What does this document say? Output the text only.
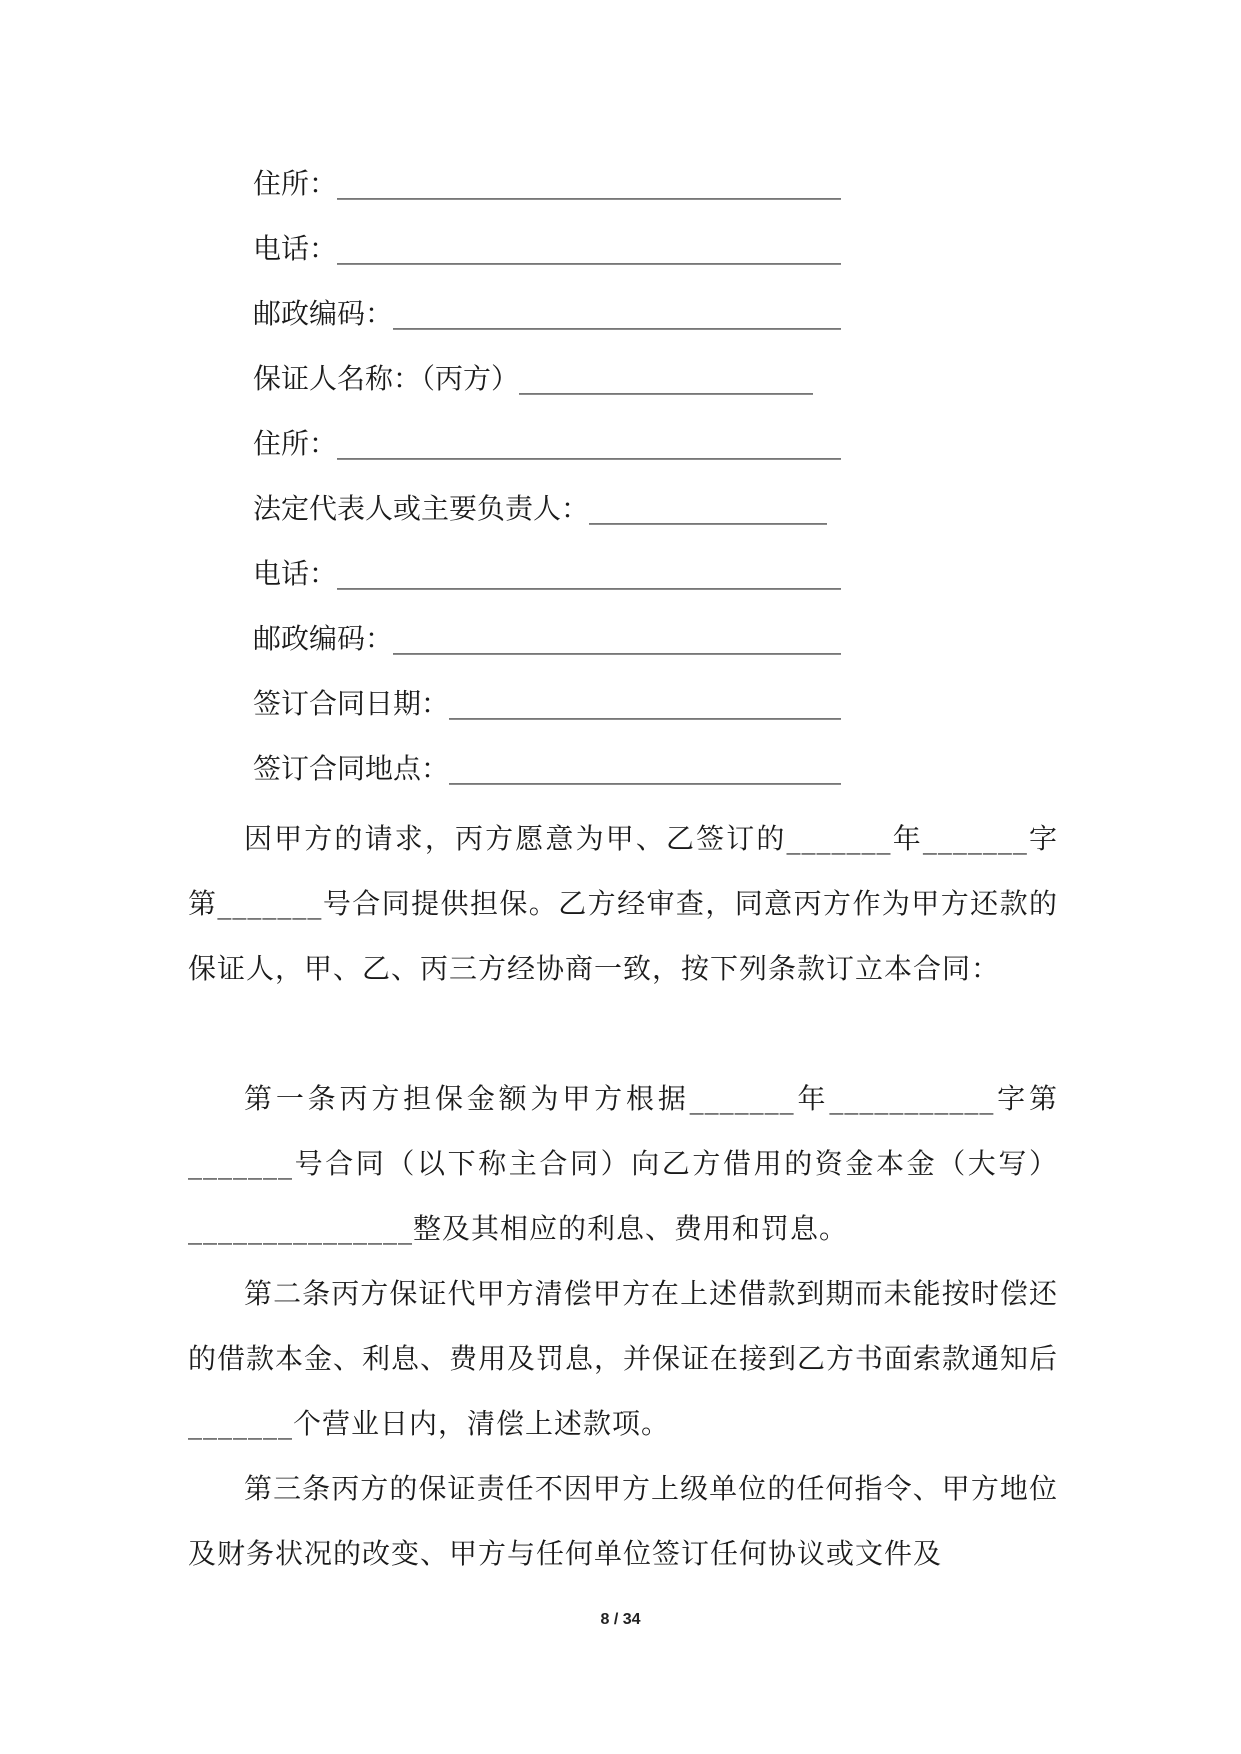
住所：____________________________________
电话：____________________________________
邮政编码：________________________________
保证人名称：（丙方）_____________________
住所：____________________________________
法定代表人或主要负责人：_________________
电话：____________________________________
邮政编码：________________________________
签订合同日期：____________________________
签订合同地点：____________________________
因甲方的请求，丙方愿意为甲、乙签订的_______年_______字第_______号合同提供担保。乙方经审查，同意丙方作为甲方还款的保证人，甲、乙、丙三方经协商一致，按下列条款订立本合同：
第一条丙方担保金额为甲方根据_______年___________字第_______号合同（以下称主合同）向乙方借用的资金本金（大写）_______________整及其相应的利息、费用和罚息。
第二条丙方保证代甲方清偿甲方在上述借款到期而未能按时偿还的借款本金、利息、费用及罚息，并保证在接到乙方书面索款通知后_______个营业日内，清偿上述款项。
第三条丙方的保证责任不因甲方上级单位的任何指令、甲方地位及财务状况的改变、甲方与任何单位签订任何协议或文件及
8 / 34
